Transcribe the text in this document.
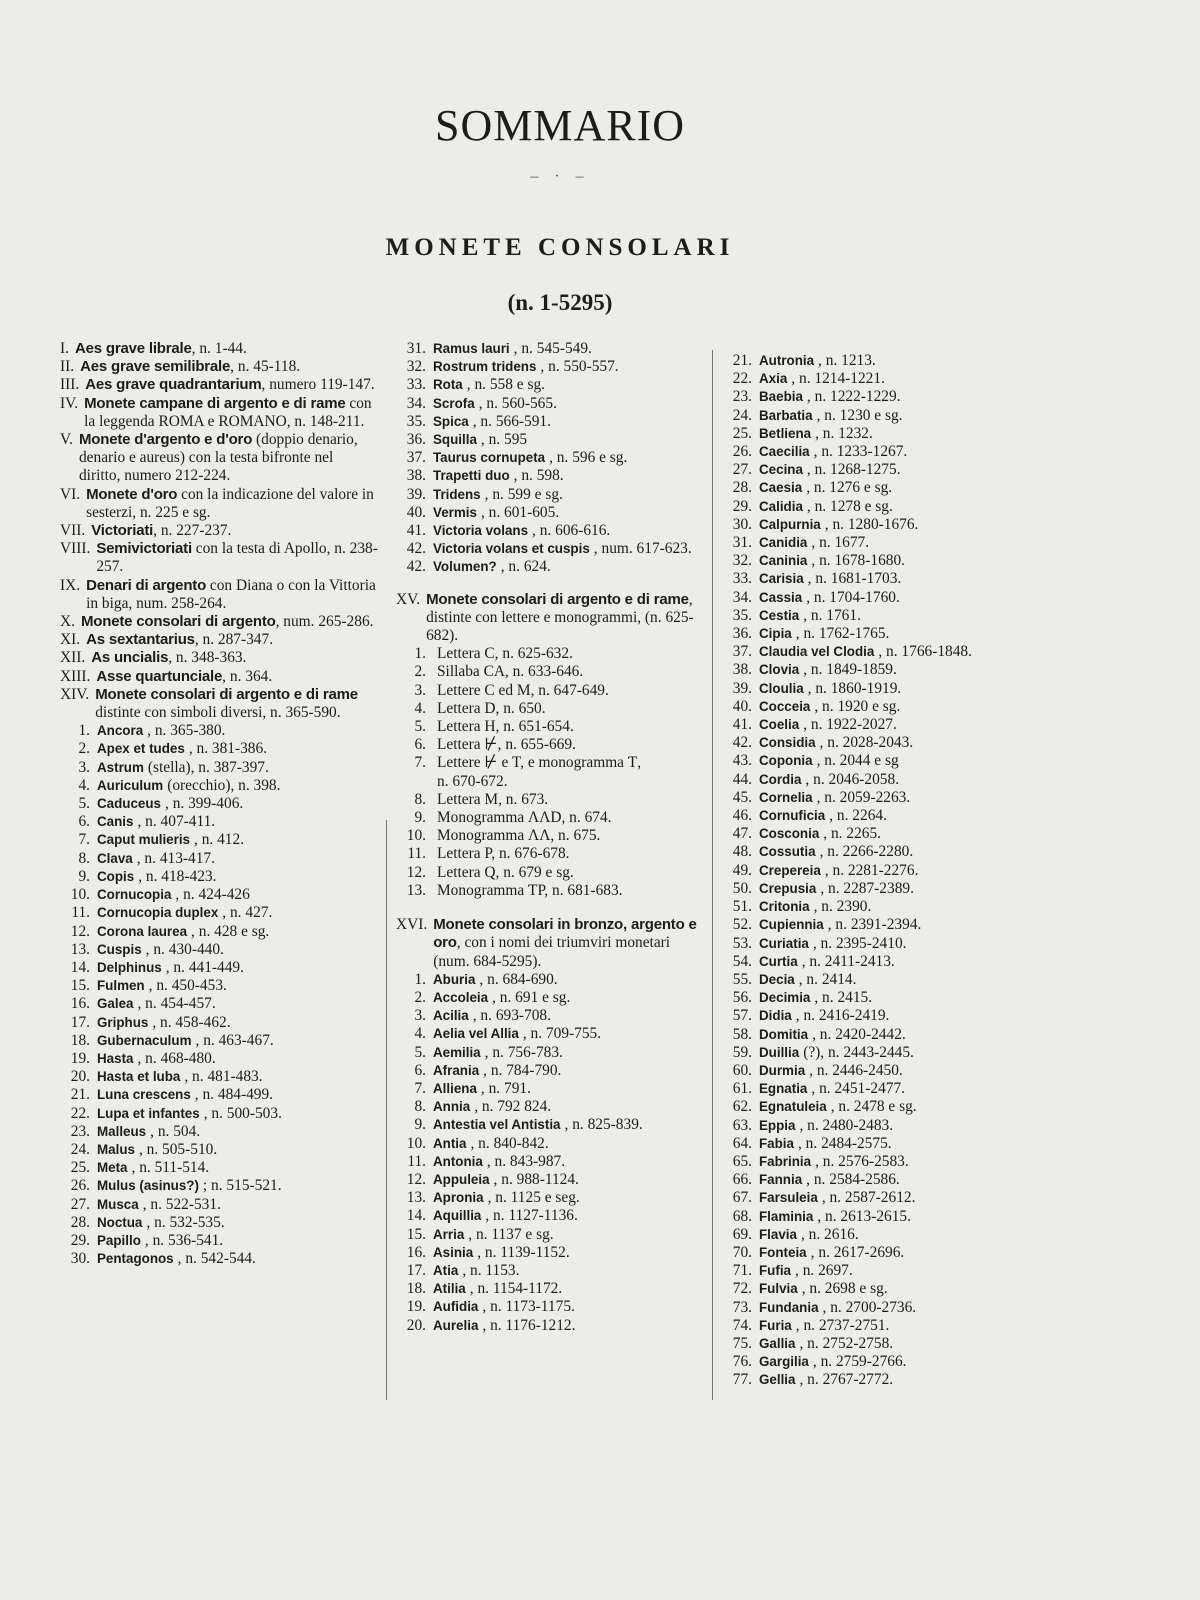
SOMMARIO
– · –
MONETE CONSOLARI
(n. 1-5295)
I. Aes grave librale, n. 1-44.
II. Aes grave semilibrale, n. 45-118.
III. Aes grave quadrantarium, numero 119-147.
IV. Monete campane di argento e di rame con la leggenda ROMA e ROMANO, n. 148-211.
V. Monete d'argento e d'oro (doppio denario, denario e aureus) con la testa bifronte nel diritto, numero 212-224.
VI. Monete d'oro con la indicazione del valore in sesterzi, n. 225 e sg.
VII. Victoriati, n. 227-237.
VIII. Semivictoriati con la testa di Apollo, n. 238-257.
IX. Denari di argento con Diana o con la Vittoria in biga, num. 258-264.
X. Monete consolari di argento, num. 265-286.
XI. As sextantarius, n. 287-347.
XII. As uncialis, n. 348-363.
XIII. Asse quartunciale, n. 364.
XIV. Monete consolari di argento e di rame distinte con simboli diversi, n. 365-590.
1. Ancora , n. 365-380.
2. Apex et tudes , n. 381-386.
3. Astrum (stella), n. 387-397.
4. Auriculum (orecchio), n. 398.
5. Caduceus , n. 399-406.
6. Canis , n. 407-411.
7. Caput mulieris , n. 412.
8. Clava , n. 413-417.
9. Copis , n. 418-423.
10. Cornucopia , n. 424-426
11. Cornucopia duplex , n. 427.
12. Corona laurea , n. 428 e sg.
13. Cuspis , n. 430-440.
14. Delphinus , n. 441-449.
15. Fulmen , n. 450-453.
16. Galea , n. 454-457.
17. Griphus , n. 458-462.
18. Gubernaculum , n. 463-467.
19. Hasta , n. 468-480.
20. Hasta et luba , n. 481-483.
21. Luna crescens , n. 484-499.
22. Lupa et infantes , n. 500-503.
23. Malleus , n. 504.
24. Malus , n. 505-510.
25. Meta , n. 511-514.
26. Mulus (asinus?) ; n. 515-521.
27. Musca , n. 522-531.
28. Noctua , n. 532-535.
29. Papillo , n. 536-541.
30. Pentagonos , n. 542-544.
31. Ramus lauri , n. 545-549.
32. Rostrum tridens , n. 550-557.
33. Rota , n. 558 e sg.
34. Scrofa , n. 560-565.
35. Spica , n. 566-591.
36. Squilla , n. 595
37. Taurus cornupeta , n. 596 e sg.
38. Trapetti duo , n. 598.
39. Tridens , n. 599 e sg.
40. Vermis , n. 601-605.
41. Victoria volans , n. 606-616.
42. Victoria volans et cuspis , num. 617-623.
42. Volumen? , n. 624.
XV. Monete consolari di argento e di rame, distinte con lettere e monogrammi, (n. 625-682).
1. Lettera C, n. 625-632.
2. Sillaba CA, n. 633-646.
3. Lettere C ed M, n. 647-649.
4. Lettera D, n. 650.
5. Lettera H, n. 651-654.
6. Lettera ⊬, n. 655-669.
7. Lettere ⊬ e T, e monogramma Ƭ,
n. 670-672.
8. Lettera M, n. 673.
9. Monogramma ΛΛD, n. 674.
10. Monogramma ΛΛ, n. 675.
11. Lettera P, n. 676-678.
12. Lettera Q, n. 679 e sg.
13. Monogramma ƬP, n. 681-683.
XVI. Monete consolari in bronzo, argento e oro, con i nomi dei triumviri monetari (num. 684-5295).
1. Aburia , n. 684-690.
2. Accoleia , n. 691 e sg.
3. Acilia , n. 693-708.
4. Aelia vel Allia , n. 709-755.
5. Aemilia , n. 756-783.
6. Afrania , n. 784-790.
7. Alliena , n. 791.
8. Annia , n. 792 824.
9. Antestia vel Antistia , n. 825-839.
10. Antia , n. 840-842.
11. Antonia , n. 843-987.
12. Appuleia , n. 988-1124.
13. Apronia , n. 1125 e seg.
14. Aquillia , n. 1127-1136.
15. Arria , n. 1137 e sg.
16. Asinia , n. 1139-1152.
17. Atia , n. 1153.
18. Atilia , n. 1154-1172.
19. Aufidia , n. 1173-1175.
20. Aurelia , n. 1176-1212.
21. Autronia , n. 1213.
22. Axia , n. 1214-1221.
23. Baebia , n. 1222-1229.
24. Barbatia , n. 1230 e sg.
25. Betliena , n. 1232.
26. Caecilia , n. 1233-1267.
27. Cecina , n. 1268-1275.
28. Caesia , n. 1276 e sg.
29. Calidia , n. 1278 e sg.
30. Calpurnia , n. 1280-1676.
31. Canidia , n. 1677.
32. Caninia , n. 1678-1680.
33. Carisia , n. 1681-1703.
34. Cassia , n. 1704-1760.
35. Cestia , n. 1761.
36. Cipia , n. 1762-1765.
37. Claudia vel Clodia , n. 1766-1848.
38. Clovia , n. 1849-1859.
39. Cloulia , n. 1860-1919.
40. Cocceia , n. 1920 e sg.
41. Coelia , n. 1922-2027.
42. Considia , n. 2028-2043.
43. Coponia , n. 2044 e sg
44. Cordia , n. 2046-2058.
45. Cornelia , n. 2059-2263.
46. Cornuficia , n. 2264.
47. Cosconia , n. 2265.
48. Cossutia , n. 2266-2280.
49. Crepereia , n. 2281-2276.
50. Crepusia , n. 2287-2389.
51. Critonia , n. 2390.
52. Cupiennia , n. 2391-2394.
53. Curiatia , n. 2395-2410.
54. Curtia , n. 2411-2413.
55. Decia , n. 2414.
56. Decimia , n. 2415.
57. Didia , n. 2416-2419.
58. Domitia , n. 2420-2442.
59. Duillia (?), n. 2443-2445.
60. Durmia , n. 2446-2450.
61. Egnatia , n. 2451-2477.
62. Egnatuleia , n. 2478 e sg.
63. Eppia , n. 2480-2483.
64. Fabia , n. 2484-2575.
65. Fabrinia , n. 2576-2583.
66. Fannia , n. 2584-2586.
67. Farsuleia , n. 2587-2612.
68. Flaminia , n. 2613-2615.
69. Flavia , n. 2616.
70. Fonteia , n. 2617-2696.
71. Fufia , n. 2697.
72. Fulvia , n. 2698 e sg.
73. Fundania , n. 2700-2736.
74. Furia , n. 2737-2751.
75. Gallia , n. 2752-2758.
76. Gargilia , n. 2759-2766.
77. Gellia , n. 2767-2772.
